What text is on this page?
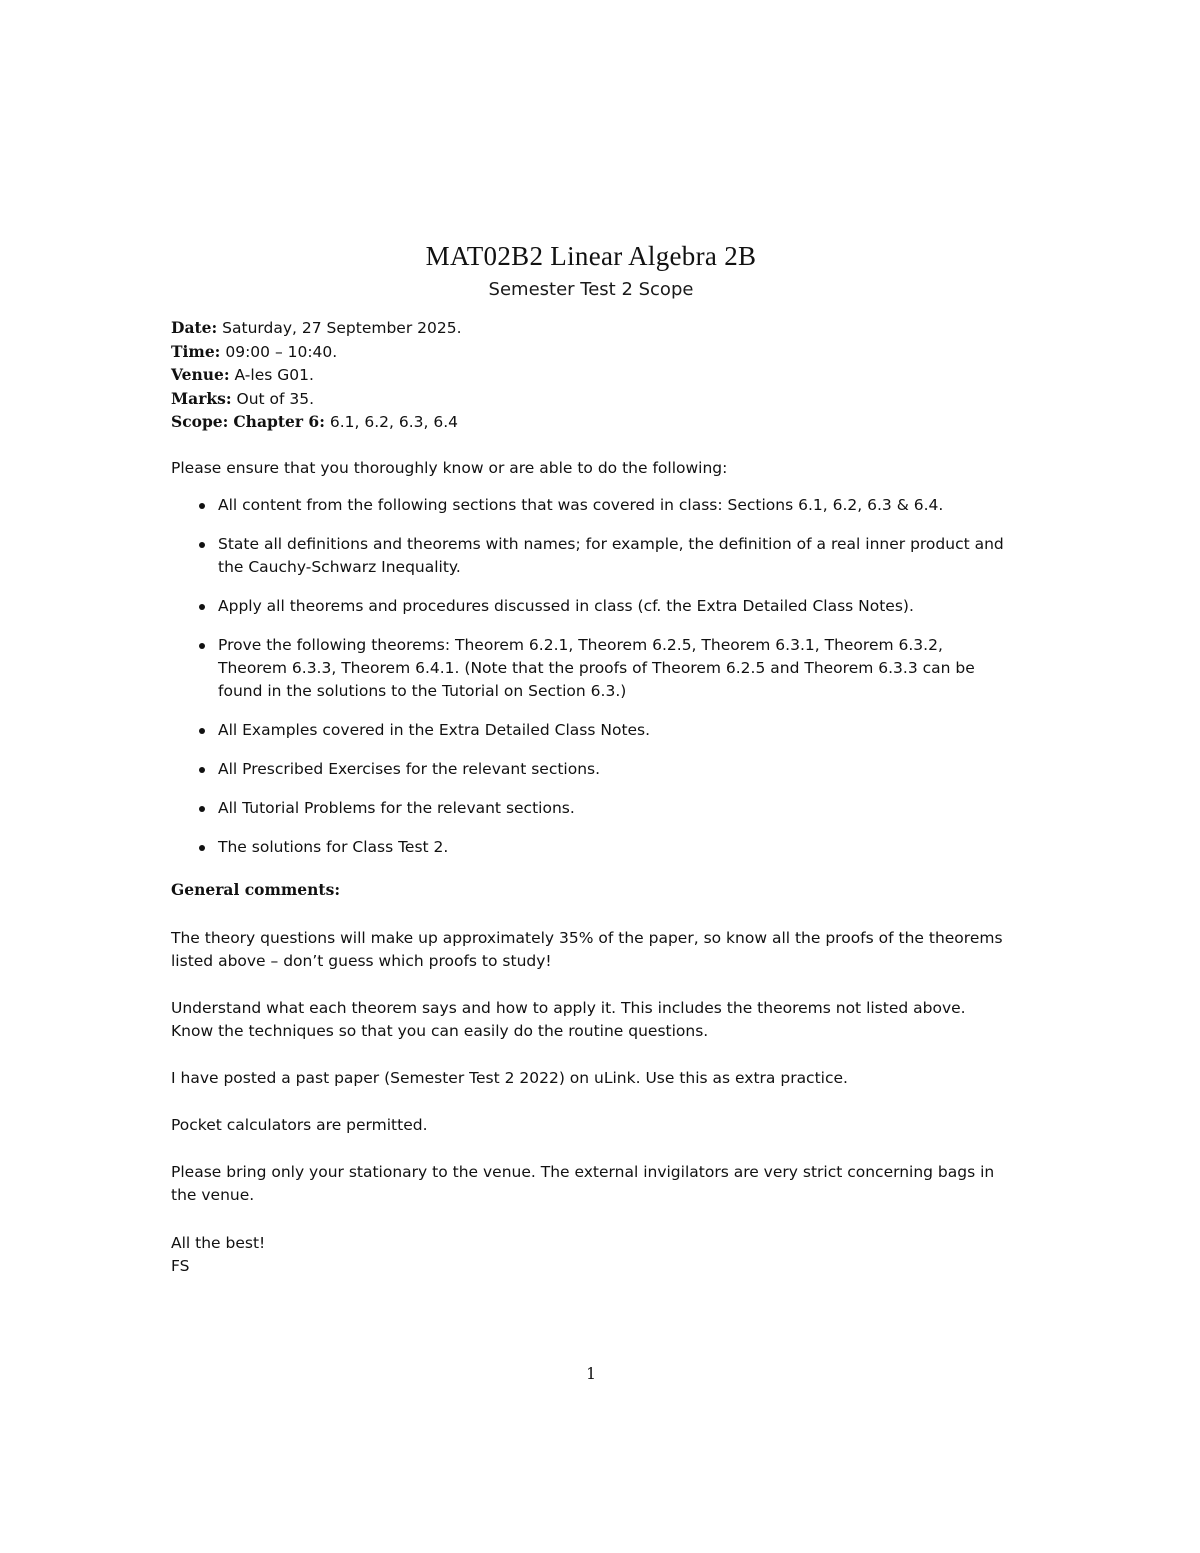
MAT02B2 Linear Algebra 2B
Semester Test 2 Scope
Date: Saturday, 27 September 2025.
Time: 09:00 – 10:40.
Venue: A-les G01.
Marks: Out of 35.
Scope: Chapter 6: 6.1, 6.2, 6.3, 6.4
Please ensure that you thoroughly know or are able to do the following:
All content from the following sections that was covered in class: Sections 6.1, 6.2, 6.3 & 6.4.
State all definitions and theorems with names; for example, the definition of a real inner product and the Cauchy-Schwarz Inequality.
Apply all theorems and procedures discussed in class (cf. the Extra Detailed Class Notes).
Prove the following theorems: Theorem 6.2.1, Theorem 6.2.5, Theorem 6.3.1, Theorem 6.3.2, Theorem 6.3.3, Theorem 6.4.1. (Note that the proofs of Theorem 6.2.5 and Theorem 6.3.3 can be found in the solutions to the Tutorial on Section 6.3.)
All Examples covered in the Extra Detailed Class Notes.
All Prescribed Exercises for the relevant sections.
All Tutorial Problems for the relevant sections.
The solutions for Class Test 2.
General comments:

The theory questions will make up approximately 35% of the paper, so know all the proofs of the theorems listed above – don’t guess which proofs to study!

Understand what each theorem says and how to apply it. This includes the theorems not listed above. Know the techniques so that you can easily do the routine questions.

I have posted a past paper (Semester Test 2 2022) on uLink. Use this as extra practice.

Pocket calculators are permitted.

Please bring only your stationary to the venue. The external invigilators are very strict concerning bags in the venue.

All the best!
FS
1
